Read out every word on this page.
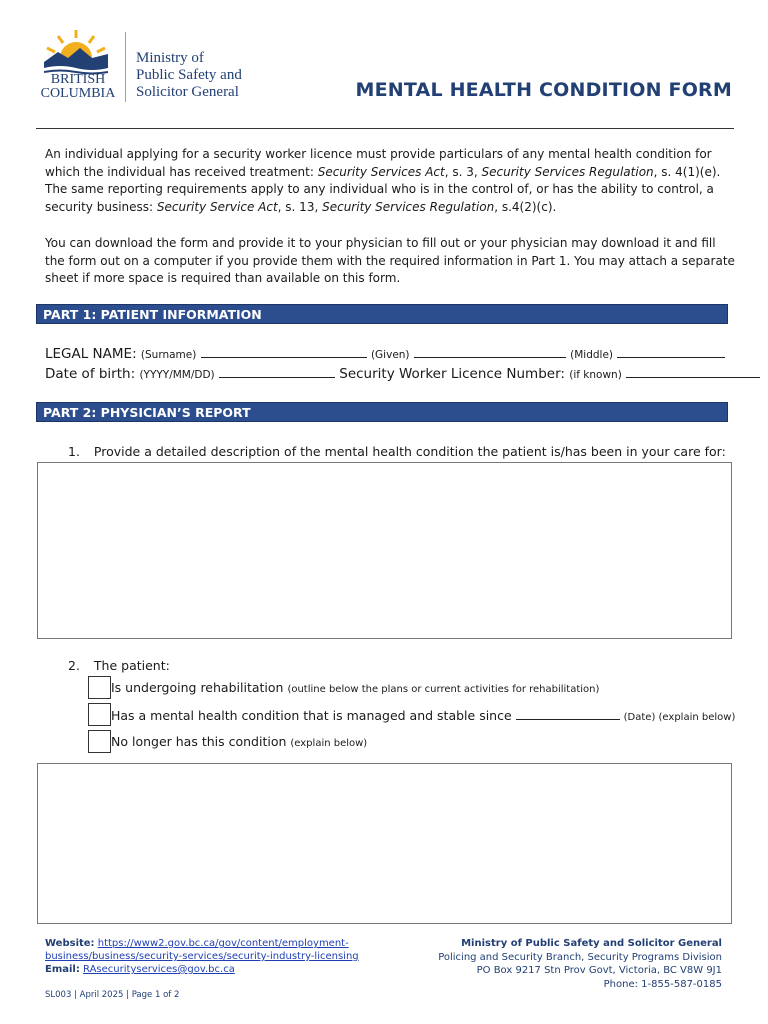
BRITISH
COLUMBIA
Ministry of
Public Safety and
Solicitor General	MENTAL HEALTH CONDITION FORM
An individual applying for a security worker licence must provide particulars of any mental health condition for which the individual has received treatment: Security Services Act, s. 3, Security Services Regulation, s. 4(1)(e). The same reporting requirements apply to any individual who is in the control of, or has the ability to control, a security business: Security Service Act, s. 13, Security Services Regulation, s.4(2)(c).
You can download the form and provide it to your physician to fill out or your physician may download it and fill the form out on a computer if you provide them with the required information in Part 1. You may attach a separate sheet if more space is required than available on this form.
PART 1: PATIENT INFORMATION
LEGAL NAME: (Surname)	(Given)	(Middle)
Date of birth: (YYYY/MM/DD)	Security Worker Licence Number: (if known)
PART 2: PHYSICIAN’S REPORT
1. Provide a detailed description of the mental health condition the patient is/has been in your care for:
2. The patient:
Is undergoing rehabilitation (outline below the plans or current activities for rehabilitation)
Has a mental health condition that is managed and stable since	(Date) (explain below)
No longer has this condition (explain below)
Website: https://www2.gov.bc.ca/gov/content/employment-
business/business/security-services/security-industry-licensing
Email: RAsecurityservices@gov.bc.ca
Ministry of Public Safety and Solicitor General
Policing and Security Branch, Security Programs Division
PO Box 9217 Stn Prov Govt, Victoria, BC V8W 9J1
Phone: 1-855-587-0185
SL003 | April 2025 | Page 1 of 2
